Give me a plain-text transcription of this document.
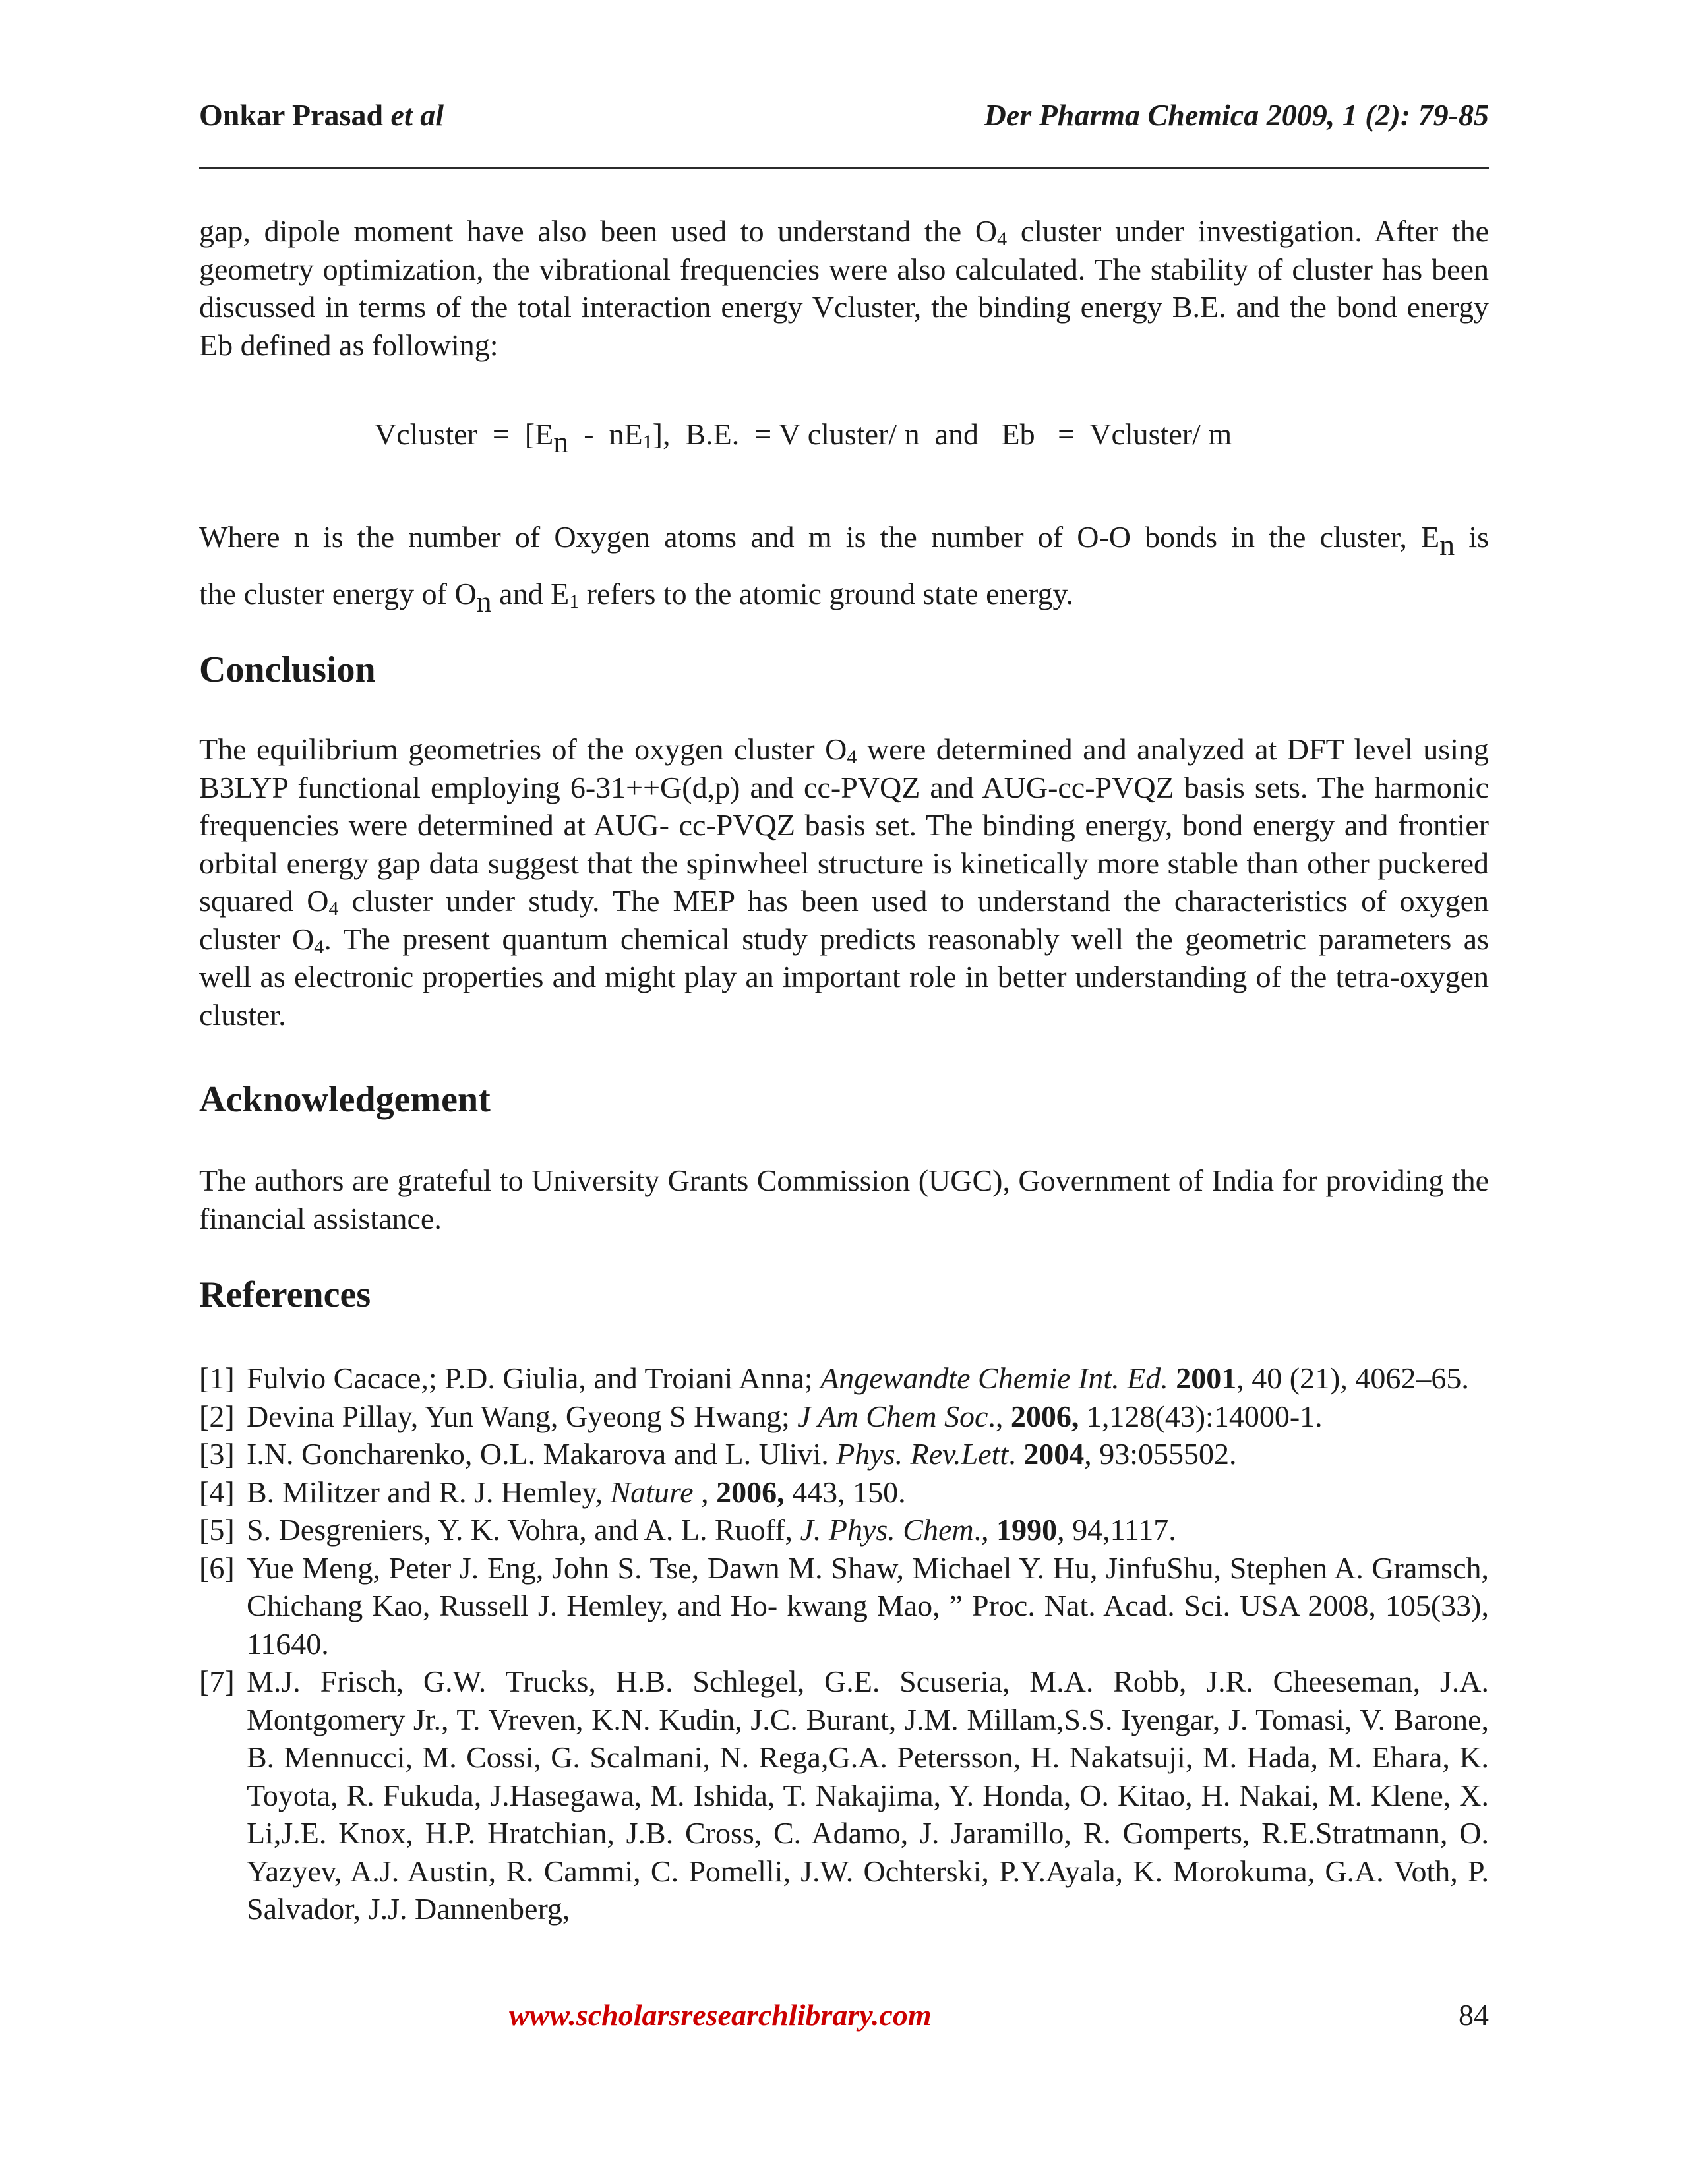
Onkar Prasad et al	Der Pharma Chemica 2009, 1 (2): 79-85
gap, dipole moment have also been used to understand the $O_4$ cluster under investigation. After the geometry optimization, the vibrational frequencies were also calculated. The stability of cluster has been discussed in terms of the total interaction energy Vcluster, the binding energy B.E. and the bond energy Eb defined as following:
Vcluster  =  $[En - nE_1]$,  B.E.  = V cluster/ n  and   Eb   =  Vcluster/ m
Where n is the number of Oxygen atoms and m is the number of O-O bonds in the cluster, En is
the cluster energy of On and $E_1$ refers to the atomic ground state energy.
Conclusion
The equilibrium geometries of the oxygen cluster $O_4$ were determined and analyzed at DFT level using B3LYP functional employing 6-31++G(d,p) and cc-PVQZ and AUG-cc-PVQZ basis sets. The harmonic frequencies were determined at AUG- cc-PVQZ basis set. The binding energy, bond energy and frontier orbital energy gap data suggest that the spinwheel structure is kinetically more stable than other puckered squared $O_4$ cluster under study. The MEP has been used to understand the characteristics of oxygen cluster $O_4$. The present quantum chemical study predicts reasonably well the geometric parameters as well as electronic properties and might play an important role in better understanding of the tetra-oxygen cluster.
Acknowledgement
The authors are grateful to University Grants Commission (UGC), Government of India for providing the financial assistance.
References
[1] Fulvio Cacace,; P.D. Giulia, and Troiani Anna; Angewandte Chemie Int. Ed. 2001, 40 (21), 4062–65.
[2] Devina Pillay, Yun Wang, Gyeong S Hwang; J Am Chem Soc., 2006, 1,128(43):14000-1.
[3] I.N. Goncharenko, O.L. Makarova and L. Ulivi. Phys. Rev.Lett. 2004, 93:055502.
[4] B. Militzer and R. J. Hemley, Nature , 2006, 443, 150.
[5] S. Desgreniers, Y. K. Vohra, and A. L. Ruoff, J. Phys. Chem., 1990, 94,1117.
[6] Yue Meng, Peter J. Eng, John S. Tse, Dawn M. Shaw, Michael Y. Hu, JinfuShu, Stephen A. Gramsch, Chichang Kao, Russell J. Hemley, and Ho- kwang Mao, ” Proc. Nat. Acad. Sci. USA 2008, 105(33), 11640.
[7] M.J. Frisch, G.W. Trucks, H.B. Schlegel, G.E. Scuseria, M.A. Robb, J.R. Cheeseman, J.A. Montgomery Jr., T. Vreven, K.N. Kudin, J.C. Burant, J.M. Millam,S.S. Iyengar, J. Tomasi, V. Barone, B. Mennucci, M. Cossi, G. Scalmani, N. Rega,G.A. Petersson, H. Nakatsuji, M. Hada, M. Ehara, K. Toyota, R. Fukuda, J.Hasegawa, M. Ishida, T. Nakajima, Y. Honda, O. Kitao, H. Nakai, M. Klene, X. Li,J.E. Knox, H.P. Hratchian, J.B. Cross, C. Adamo, J. Jaramillo, R. Gomperts, R.E.Stratmann, O. Yazyev, A.J. Austin, R. Cammi, C. Pomelli, J.W. Ochterski, P.Y.Ayala, K. Morokuma, G.A. Voth, P. Salvador, J.J. Dannenberg,
www.scholarsresearchlibrary.com	84
